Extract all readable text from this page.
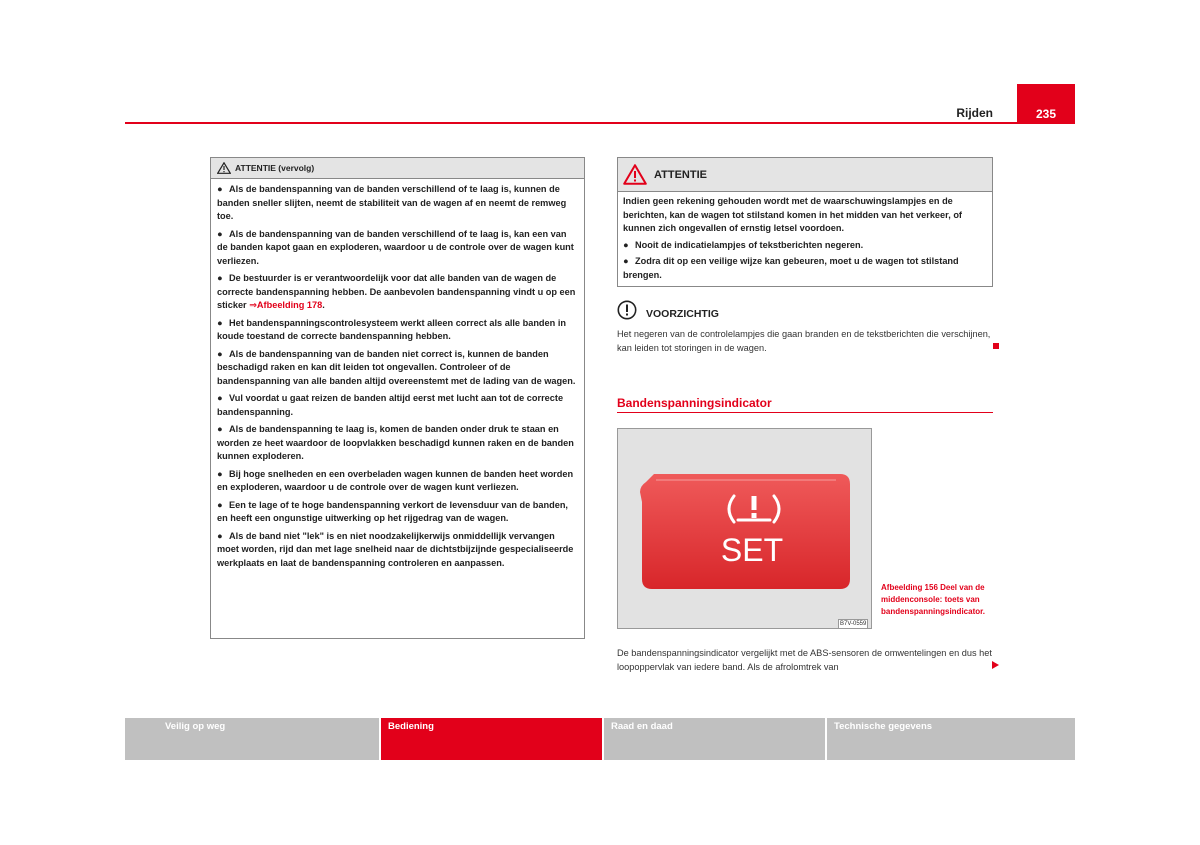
Rijden	235
ATTENTIE (vervolg)

● Als de bandenspanning van de banden verschillend of te laag is, kunnen de banden sneller slijten, neemt de stabiliteit van de wagen af en neemt de remweg toe.

● Als de bandenspanning van de banden verschillend of te laag is, kan een van de banden kapot gaan en exploderen, waardoor u de controle over de wagen kunt verliezen.

● De bestuurder is er verantwoordelijk voor dat alle banden van de wagen de correcte bandenspanning hebben. De aanbevolen bandenspanning vindt u op een sticker ⇒Afbeelding 178.

● Het bandenspanningscontrolesysteem werkt alleen correct als alle banden in koude toestand de correcte bandenspanning hebben.

● Als de bandenspanning van de banden niet correct is, kunnen de banden beschadigd raken en kan dit leiden tot ongevallen. Controleer of de bandenspanning van alle banden altijd overeenstemt met de lading van de wagen.

● Vul voordat u gaat reizen de banden altijd eerst met lucht aan tot de correcte bandenspanning.

● Als de bandenspanning te laag is, komen de banden onder druk te staan en worden ze heet waardoor de loopvlakken beschadigd kunnen raken en de banden kunnen exploderen.

● Bij hoge snelheden en een overbeladen wagen kunnen de banden heet worden en exploderen, waardoor u de controle over de wagen kunt verliezen.

● Een te lage of te hoge bandenspanning verkort de levensduur van de banden, en heeft een ongunstige uitwerking op het rijgedrag van de wagen.

● Als de band niet "lek" is en niet noodzakelijkerwijs onmiddellijk vervangen moet worden, rijd dan met lage snelheid naar de dichtstbijzijnde gespecialiseerde werkplaats en laat de bandenspanning controleren en aanpassen.

ATTENTIE

Indien geen rekening gehouden wordt met de waarschuwingslampjes en de berichten, kan de wagen tot stilstand komen in het midden van het verkeer, of kunnen zich ongevallen of ernstig letsel voordoen.

● Nooit de indicatielampjes of tekstberichten negeren.

● Zodra dit op een veilige wijze kan gebeuren, moet u de wagen tot stilstand brengen.

VOORZICHTIG
Het negeren van de controlelampjes die gaan branden en de tekstberichten die verschijnen, kan leiden tot storingen in de wagen.
Bandenspanningsindicator
SET
B7V-0559
Afbeelding 156 Deel van de middenconsole: toets van bandenspanningsindicator.
De bandenspanningsindicator vergelijkt met de ABS-sensoren de omwentelingen en dus het loopoppervlak van iedere band. Als de afrolomtrek van
Veilig op weg	Bediening	Raad en daad	Technische gegevens
